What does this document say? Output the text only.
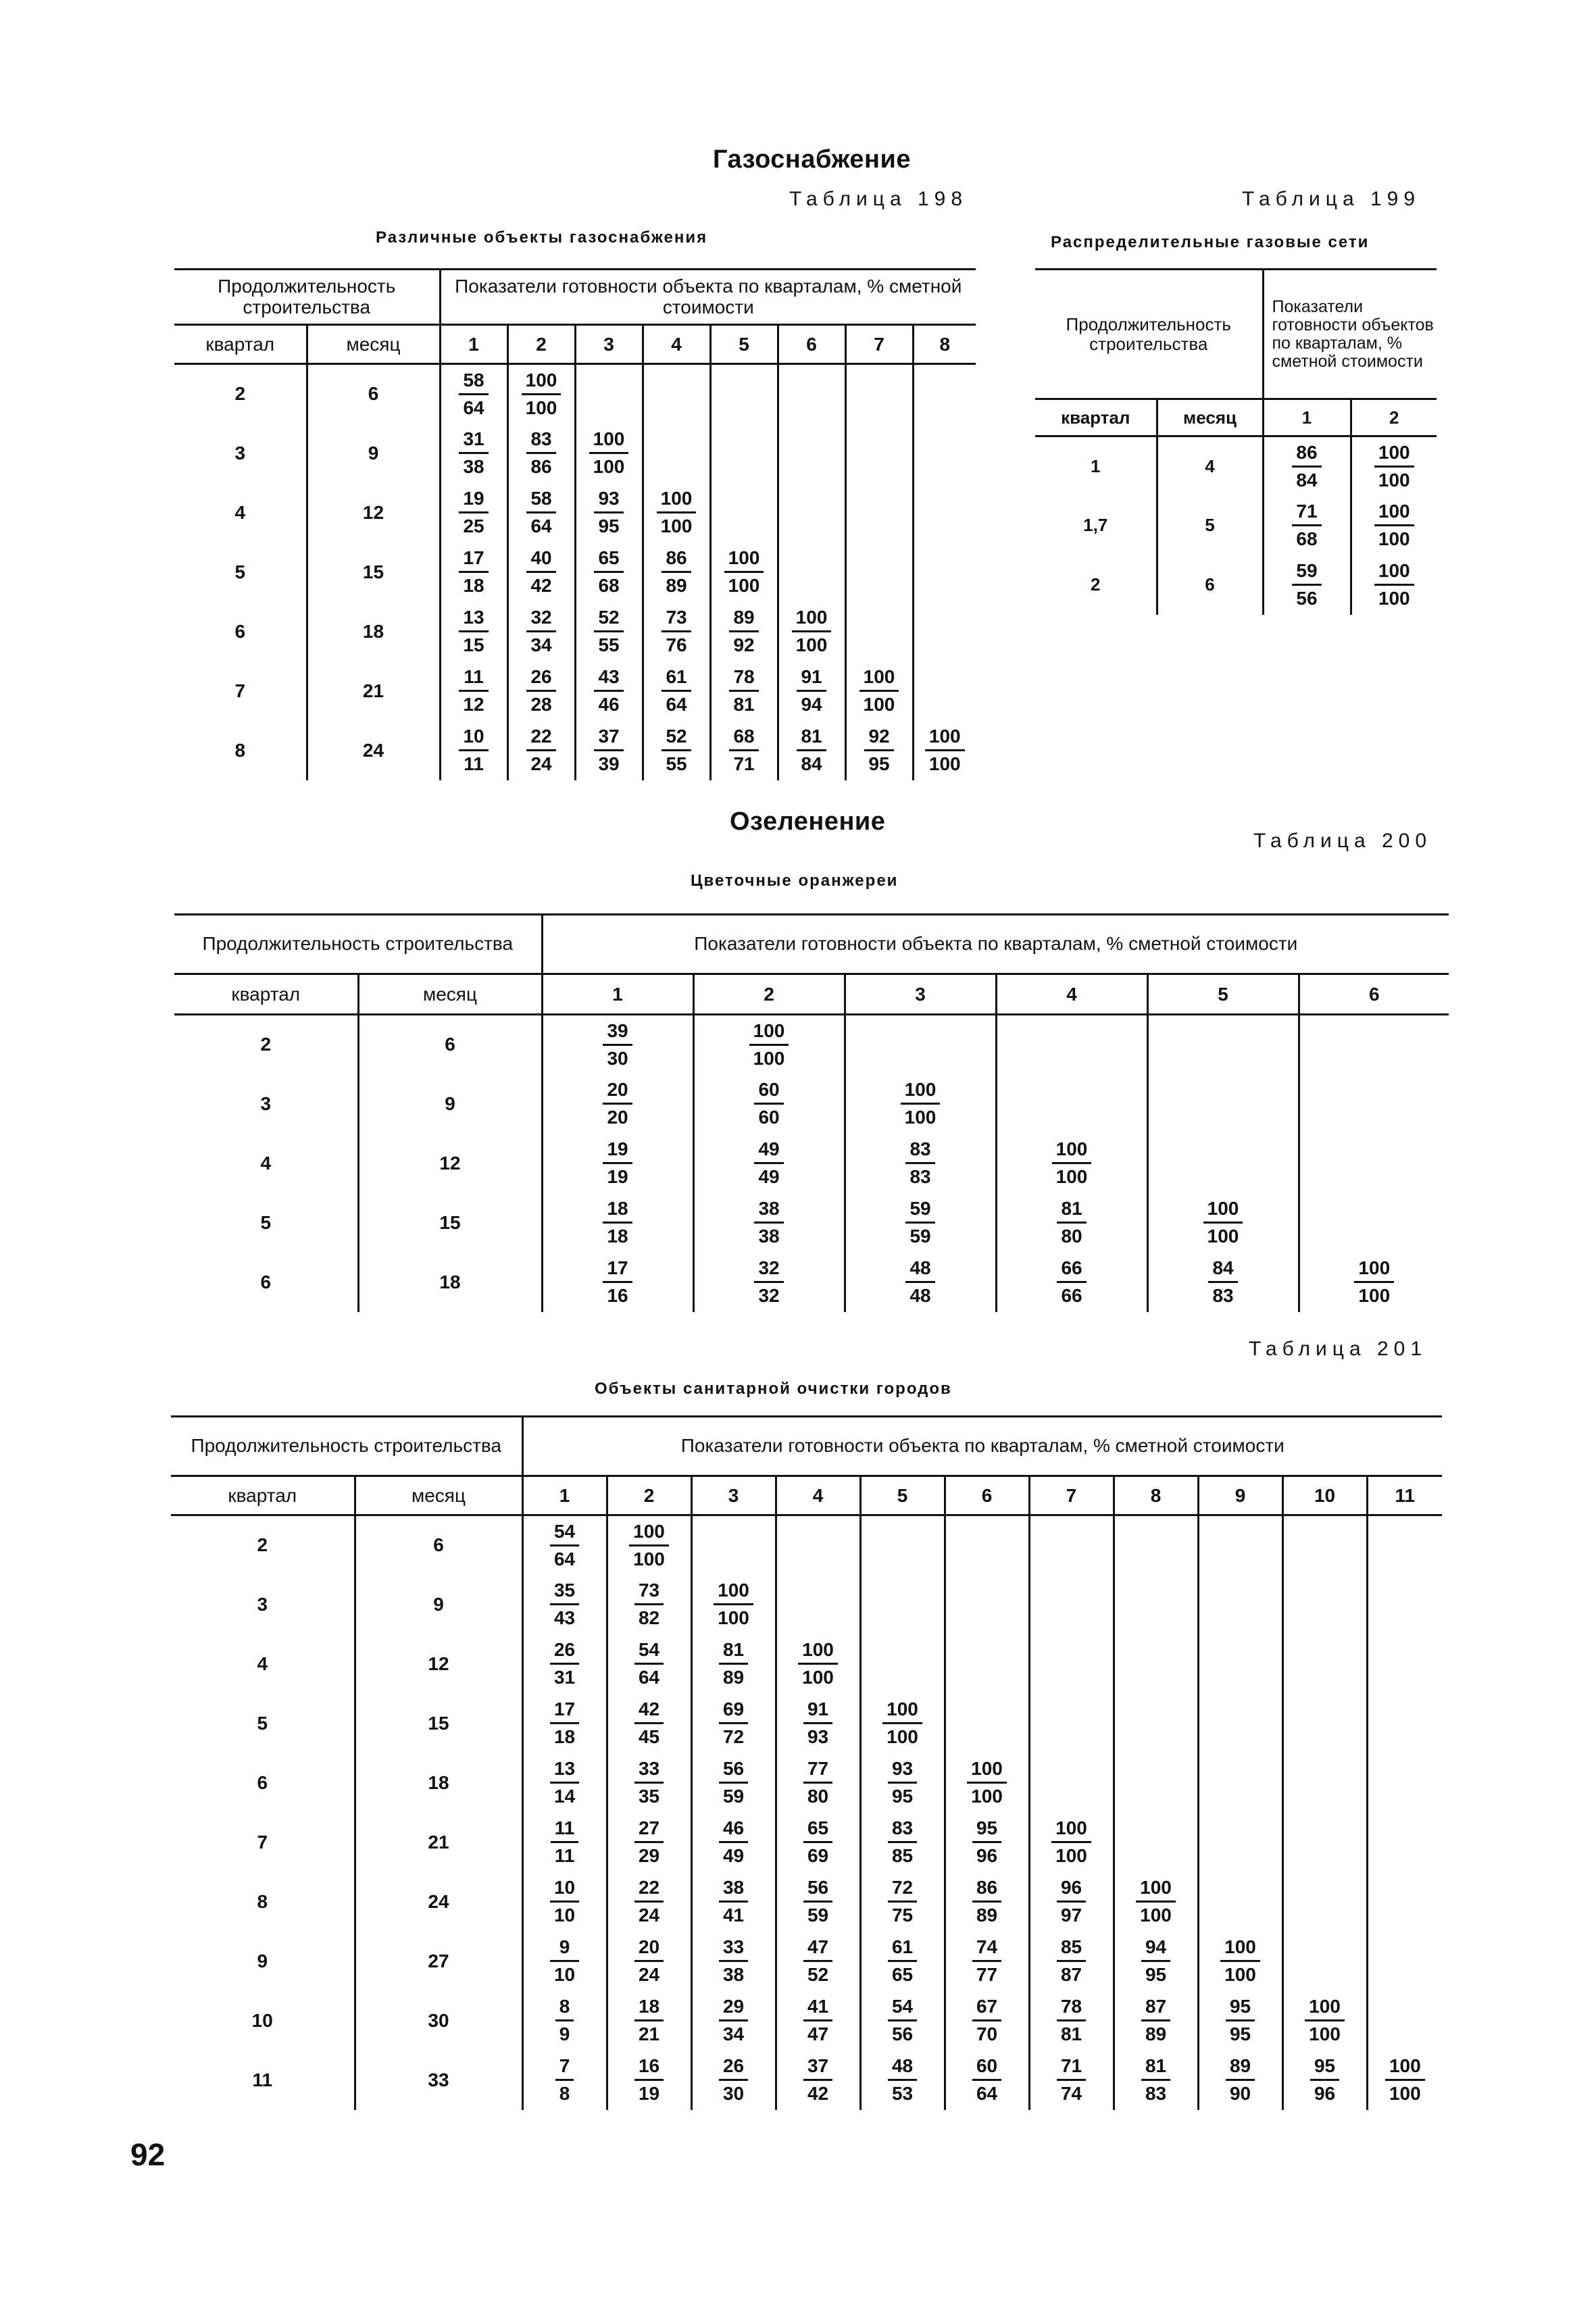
Газоснабжение
Таблица 198
Различные объекты газоснабжения
Таблица 199
Распределительные газовые сети
Озеленение
Таблица 200
Цветочные оранжереи
Таблица 201
Объекты санитарной очистки городов
92
Продолжительность строительства		Показатели готовности объекта по кварталам, % сметной стоимости							
квартал	месяц	1	2	3	4	5	6	7	8
2	6	$\frac{58}{64}$	$\frac{100}{100}$

3	9	$\frac{31}{38}$	$\frac{83}{86}$	$\frac{100}{100}$

4	12	$\frac{19}{25}$	$\frac{58}{64}$	$\frac{93}{95}$	$\frac{100}{100}$

5	15	$\frac{17}{18}$	$\frac{40}{42}$	$\frac{65}{68}$	$\frac{86}{89}$	$\frac{100}{100}$

6	18	$\frac{13}{15}$	$\frac{32}{34}$	$\frac{52}{55}$	$\frac{73}{76}$	$\frac{89}{92}$	$\frac{100}{100}$

7	21	$\frac{11}{12}$	$\frac{26}{28}$	$\frac{43}{46}$	$\frac{61}{64}$	$\frac{78}{81}$	$\frac{91}{94}$	$\frac{100}{100}$

8	24	$\frac{10}{11}$	$\frac{22}{24}$	$\frac{37}{39}$	$\frac{52}{55}$	$\frac{68}{71}$	$\frac{81}{84}$	$\frac{92}{95}$	$\frac{100}{100}$
Продолжительность строительства		Показатели готовности объектов по кварталам, % сметной стоимости	
квартал	месяц	1	2
1	4	$\frac{86}{84}$	$\frac{100}{100}$

1,7	5	$\frac{71}{68}$	$\frac{100}{100}$

2	6	$\frac{59}{56}$	$\frac{100}{100}$
Продолжительность строительства		Показатели готовности объекта по кварталам, % сметной стоимости					
квартал	месяц	1	2	3	4	5	6
2	6	$\frac{39}{30}$	$\frac{100}{100}$

3	9	$\frac{20}{20}$	$\frac{60}{60}$	$\frac{100}{100}$

4	12	$\frac{19}{19}$	$\frac{49}{49}$	$\frac{83}{83}$	$\frac{100}{100}$

5	15	$\frac{18}{18}$	$\frac{38}{38}$	$\frac{59}{59}$	$\frac{81}{80}$	$\frac{100}{100}$

6	18	$\frac{17}{16}$	$\frac{32}{32}$	$\frac{48}{48}$	$\frac{66}{66}$	$\frac{84}{83}$	$\frac{100}{100}$
Продолжительность строительства		Показатели готовности объекта по кварталам, % сметной стоимости										
квартал	месяц	1	2	3	4	5	6	7	8	9	10	11
2	6	$\frac{54}{64}$	$\frac{100}{100}$

3	9	$\frac{35}{43}$	$\frac{73}{82}$	$\frac{100}{100}$

4	12	$\frac{26}{31}$	$\frac{54}{64}$	$\frac{81}{89}$	$\frac{100}{100}$

5	15	$\frac{17}{18}$	$\frac{42}{45}$	$\frac{69}{72}$	$\frac{91}{93}$	$\frac{100}{100}$

6	18	$\frac{13}{14}$	$\frac{33}{35}$	$\frac{56}{59}$	$\frac{77}{80}$	$\frac{93}{95}$	$\frac{100}{100}$

7	21	$\frac{11}{11}$	$\frac{27}{29}$	$\frac{46}{49}$	$\frac{65}{69}$	$\frac{83}{85}$	$\frac{95}{96}$	$\frac{100}{100}$

8	24	$\frac{10}{10}$	$\frac{22}{24}$	$\frac{38}{41}$	$\frac{56}{59}$	$\frac{72}{75}$	$\frac{86}{89}$	$\frac{96}{97}$	$\frac{100}{100}$

9	27	$\frac{9}{10}$	$\frac{20}{24}$	$\frac{33}{38}$	$\frac{47}{52}$	$\frac{61}{65}$	$\frac{74}{77}$	$\frac{85}{87}$	$\frac{94}{95}$	$\frac{100}{100}$

10	30	$\frac{8}{9}$	$\frac{18}{21}$	$\frac{29}{34}$	$\frac{41}{47}$	$\frac{54}{56}$	$\frac{67}{70}$	$\frac{78}{81}$	$\frac{87}{89}$	$\frac{95}{95}$	$\frac{100}{100}$

11	33	$\frac{7}{8}$	$\frac{16}{19}$	$\frac{26}{30}$	$\frac{37}{42}$	$\frac{48}{53}$	$\frac{60}{64}$	$\frac{71}{74}$	$\frac{81}{83}$	$\frac{89}{90}$	$\frac{95}{96}$	$\frac{100}{100}$
